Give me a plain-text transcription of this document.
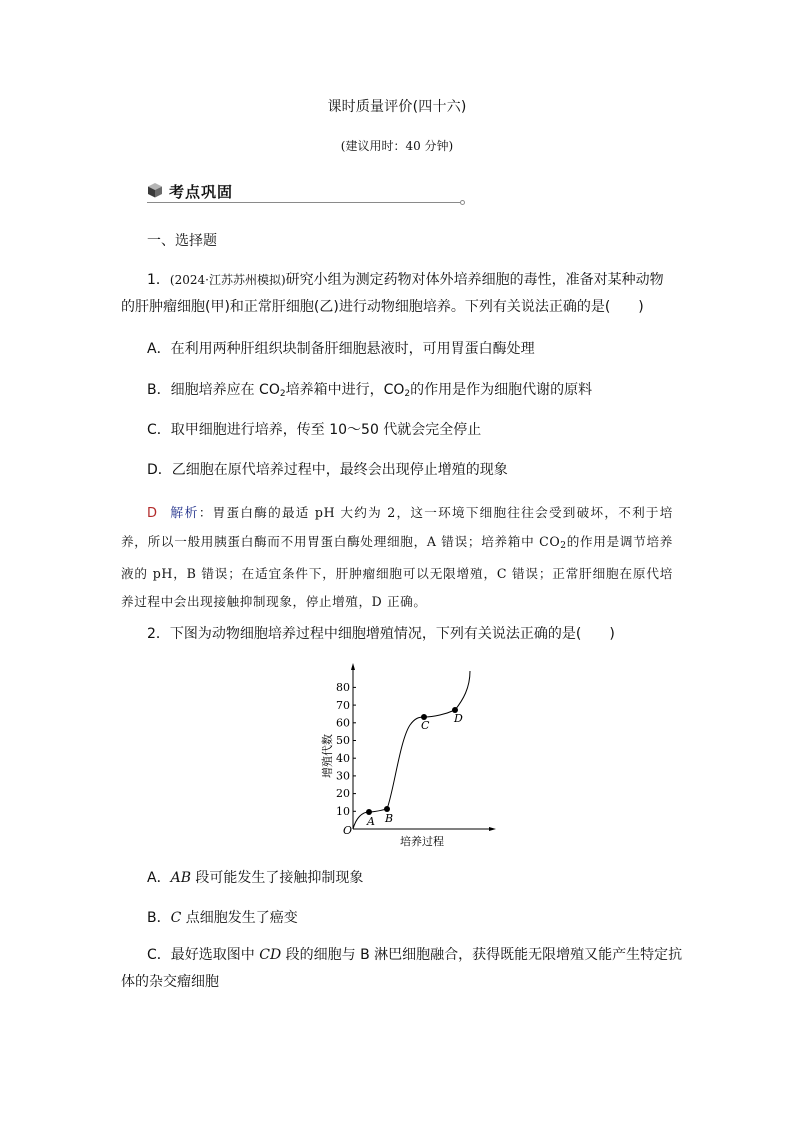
课时质量评价(四十六)
(建议用时：40 分钟)
考点巩固
一、选择题
1．(2024·江苏苏州模拟)研究小组为测定药物对体外培养细胞的毒性，准备对某种动物
的肝肿瘤细胞(甲)和正常肝细胞(乙)进行动物细胞培养。下列有关说法正确的是(　　)
A．在利用两种肝组织块制备肝细胞悬液时，可用胃蛋白酶处理
B．细胞培养应在 $CO_2$培养箱中进行，$CO_2$的作用是作为细胞代谢的原料
C．取甲细胞进行培养，传至 10～50 代就会完全停止
D．乙细胞在原代培养过程中，最终会出现停止增殖的现象
D 解析：胃蛋白酶的最适 pH 大约为 2，这一环境下细胞往往会受到破坏，不利于培养，所以一般用胰蛋白酶而不用胃蛋白酶处理细胞，A 错误；培养箱中 $CO_2$的作用是调节培养液的 pH，B 错误；在适宜条件下，肝肿瘤细胞可以无限增殖，C 错误；正常肝细胞在原代培养过程中会出现接触抑制现象，停止增殖，D 正确。
2．下图为动物细胞培养过程中细胞增殖情况，下列有关说法正确的是(　　)
10
20
30
40
50
60
70
80
O
增殖代数
培养过程
A B
C
D
A．AB 段可能发生了接触抑制现象
B．C 点细胞发生了癌变
C．最好选取图中 CD 段的细胞与 B 淋巴细胞融合，获得既能无限增殖又能产生特定抗
体的杂交瘤细胞
